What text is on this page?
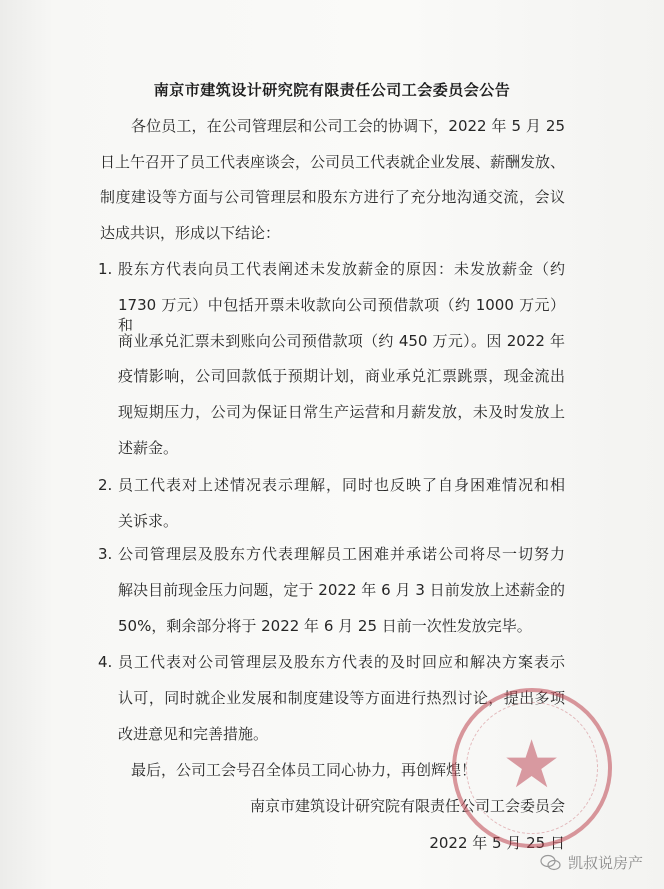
南京市建筑设计研究院有限责任公司工会委员会公告
各位员工，在公司管理层和公司工会的协调下，2022 年 5 月 25
日上午召开了员工代表座谈会，公司员工代表就企业发展、薪酬发放、
制度建设等方面与公司管理层和股东方进行了充分地沟通交流，会议
达成共识，形成以下结论：
1. 股东方代表向员工代表阐述未发放薪金的原因：未发放薪金（约
1730 万元）中包括开票未收款向公司预借款项（约 1000 万元）和
商业承兑汇票未到账向公司预借款项（约 450 万元）。因 2022 年
疫情影响，公司回款低于预期计划，商业承兑汇票跳票，现金流出
现短期压力，公司为保证日常生产运营和月薪发放，未及时发放上
述薪金。
2. 员工代表对上述情况表示理解，同时也反映了自身困难情况和相
关诉求。
3. 公司管理层及股东方代表理解员工困难并承诺公司将尽一切努力
解决目前现金压力问题，定于 2022 年 6 月 3 日前发放上述薪金的
50%，剩余部分将于 2022 年 6 月 25 日前一次性发放完毕。
4. 员工代表对公司管理层及股东方代表的及时回应和解决方案表示
认可，同时就企业发展和制度建设等方面进行热烈讨论，提出多项
改进意见和完善措施。
最后，公司工会号召全体员工同心协力，再创辉煌！
南京市建筑设计研究院有限责任公司工会委员会
2022 年 5 月 25 日
★
凯叔说房产
